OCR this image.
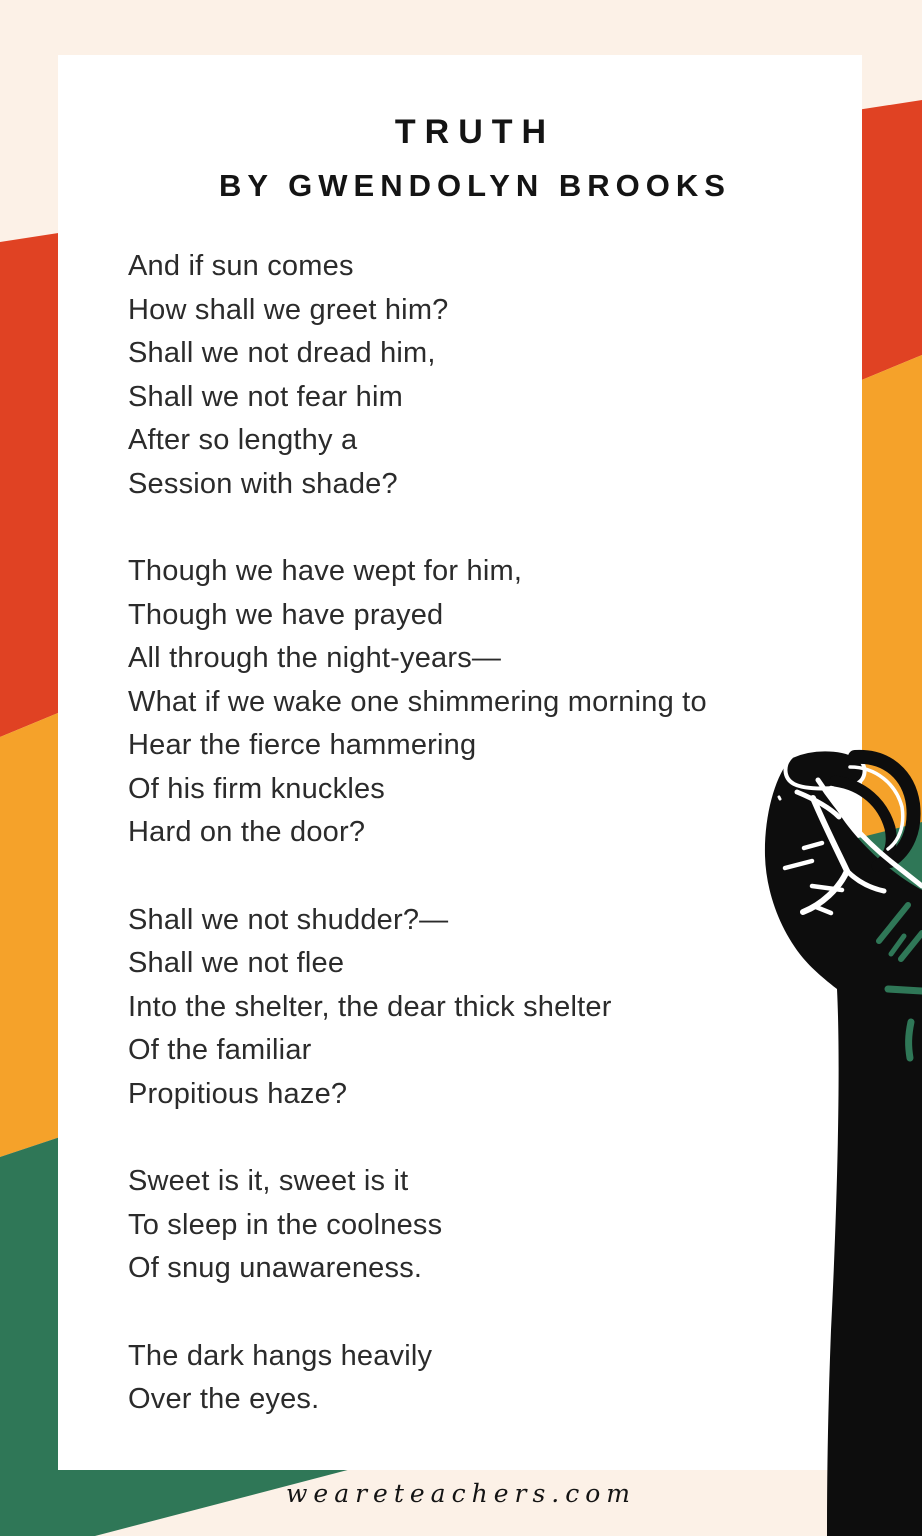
TRUTH
BY GWENDOLYN BROOKS

And if sun comes

How shall we greet him?

Shall we not dread him,

Shall we not fear him

After so lengthy a

Session with shade?

Though we have wept for him,

Though we have prayed

All through the night-years—

What if we wake one shimmering morning to

Hear the fierce hammering

Of his firm knuckles

Hard on the door?

Shall we not shudder?—

Shall we not flee

Into the shelter, the dear thick shelter

Of the familiar

Propitious haze?

Sweet is it, sweet is it

To sleep in the coolness

Of snug unawareness.

The dark hangs heavily

Over the eyes.

weareteachers.com
